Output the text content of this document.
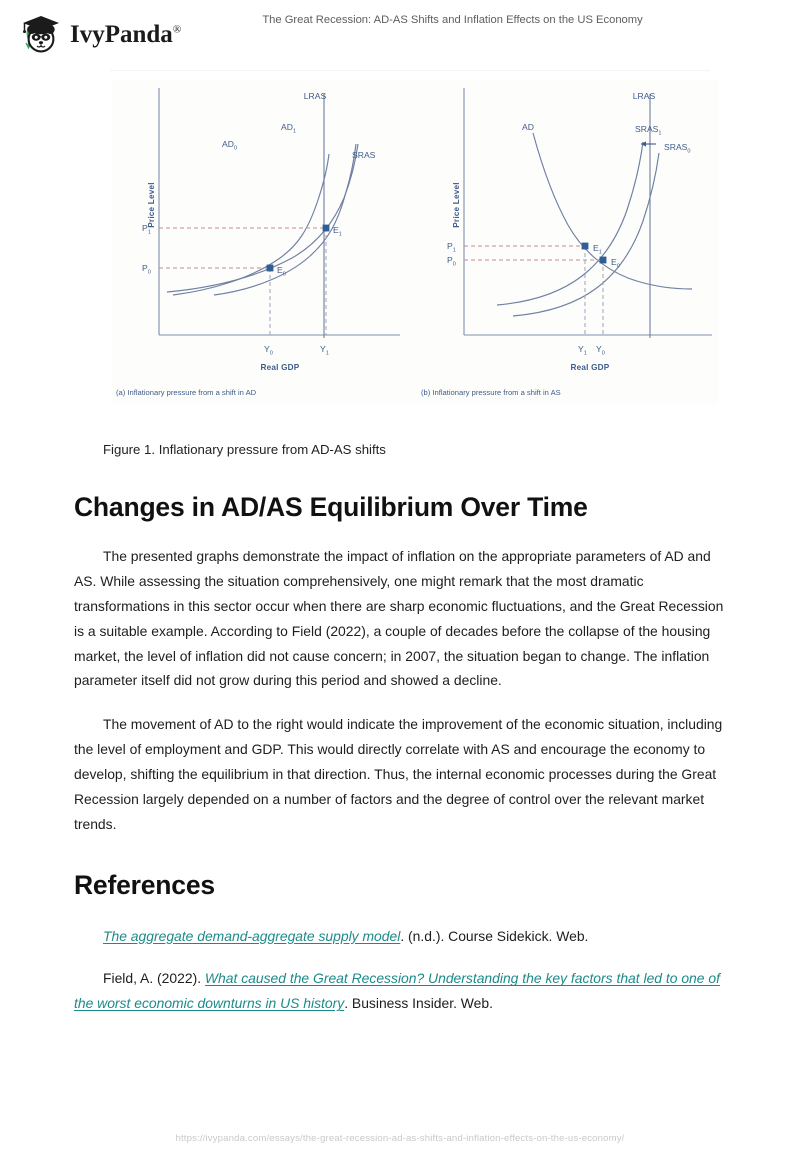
IvyPanda®
The Great Recession: AD-AS Shifts and Inflation Effects on the US Economy
Price Level
Real GDP
LRAS
$AD_0$
$AD_1$
SRAS
$P_1$
$P_0$
$Y_0$	$Y_1$
$E_0$
$E_1$
(a) Inflationary pressure from a shift in AD
Price Level
Real GDP
LRAS
AD	$SRAS_1$
$SRAS_0$
$P_1$
$P_0$
$Y_1$ $Y_0$
$E_1$
$E_0$
(b) Inflationary pressure from a shift in AS

Figure 1. Inflationary pressure from AD-AS shifts

Changes in AD/AS Equilibrium Over Time

The presented graphs demonstrate the impact of inflation on the appropriate parameters of AD and AS. While assessing the situation comprehensively, one might remark that the most dramatic transformations in this sector occur when there are sharp economic fluctuations, and the Great Recession is a suitable example. According to Field (2022), a couple of decades before the collapse of the housing market, the level of inflation did not cause concern; in 2007, the situation began to change. The inflation parameter itself did not grow during this period and showed a decline.

The movement of AD to the right would indicate the improvement of the economic situation, including the level of employment and GDP. This would directly correlate with AS and encourage the economy to develop, shifting the equilibrium in that direction. Thus, the internal economic processes during the Great Recession largely depended on a number of factors and the degree of control over the relevant market trends.

References

The aggregate demand-aggregate supply model. (n.d.). Course Sidekick. Web.

Field, A. (2022). What caused the Great Recession? Understanding the key factors that led to one of the worst economic downturns in US history. Business Insider. Web.

https://ivypanda.com/essays/the-great-recession-ad-as-shifts-and-inflation-effects-on-the-us-economy/
